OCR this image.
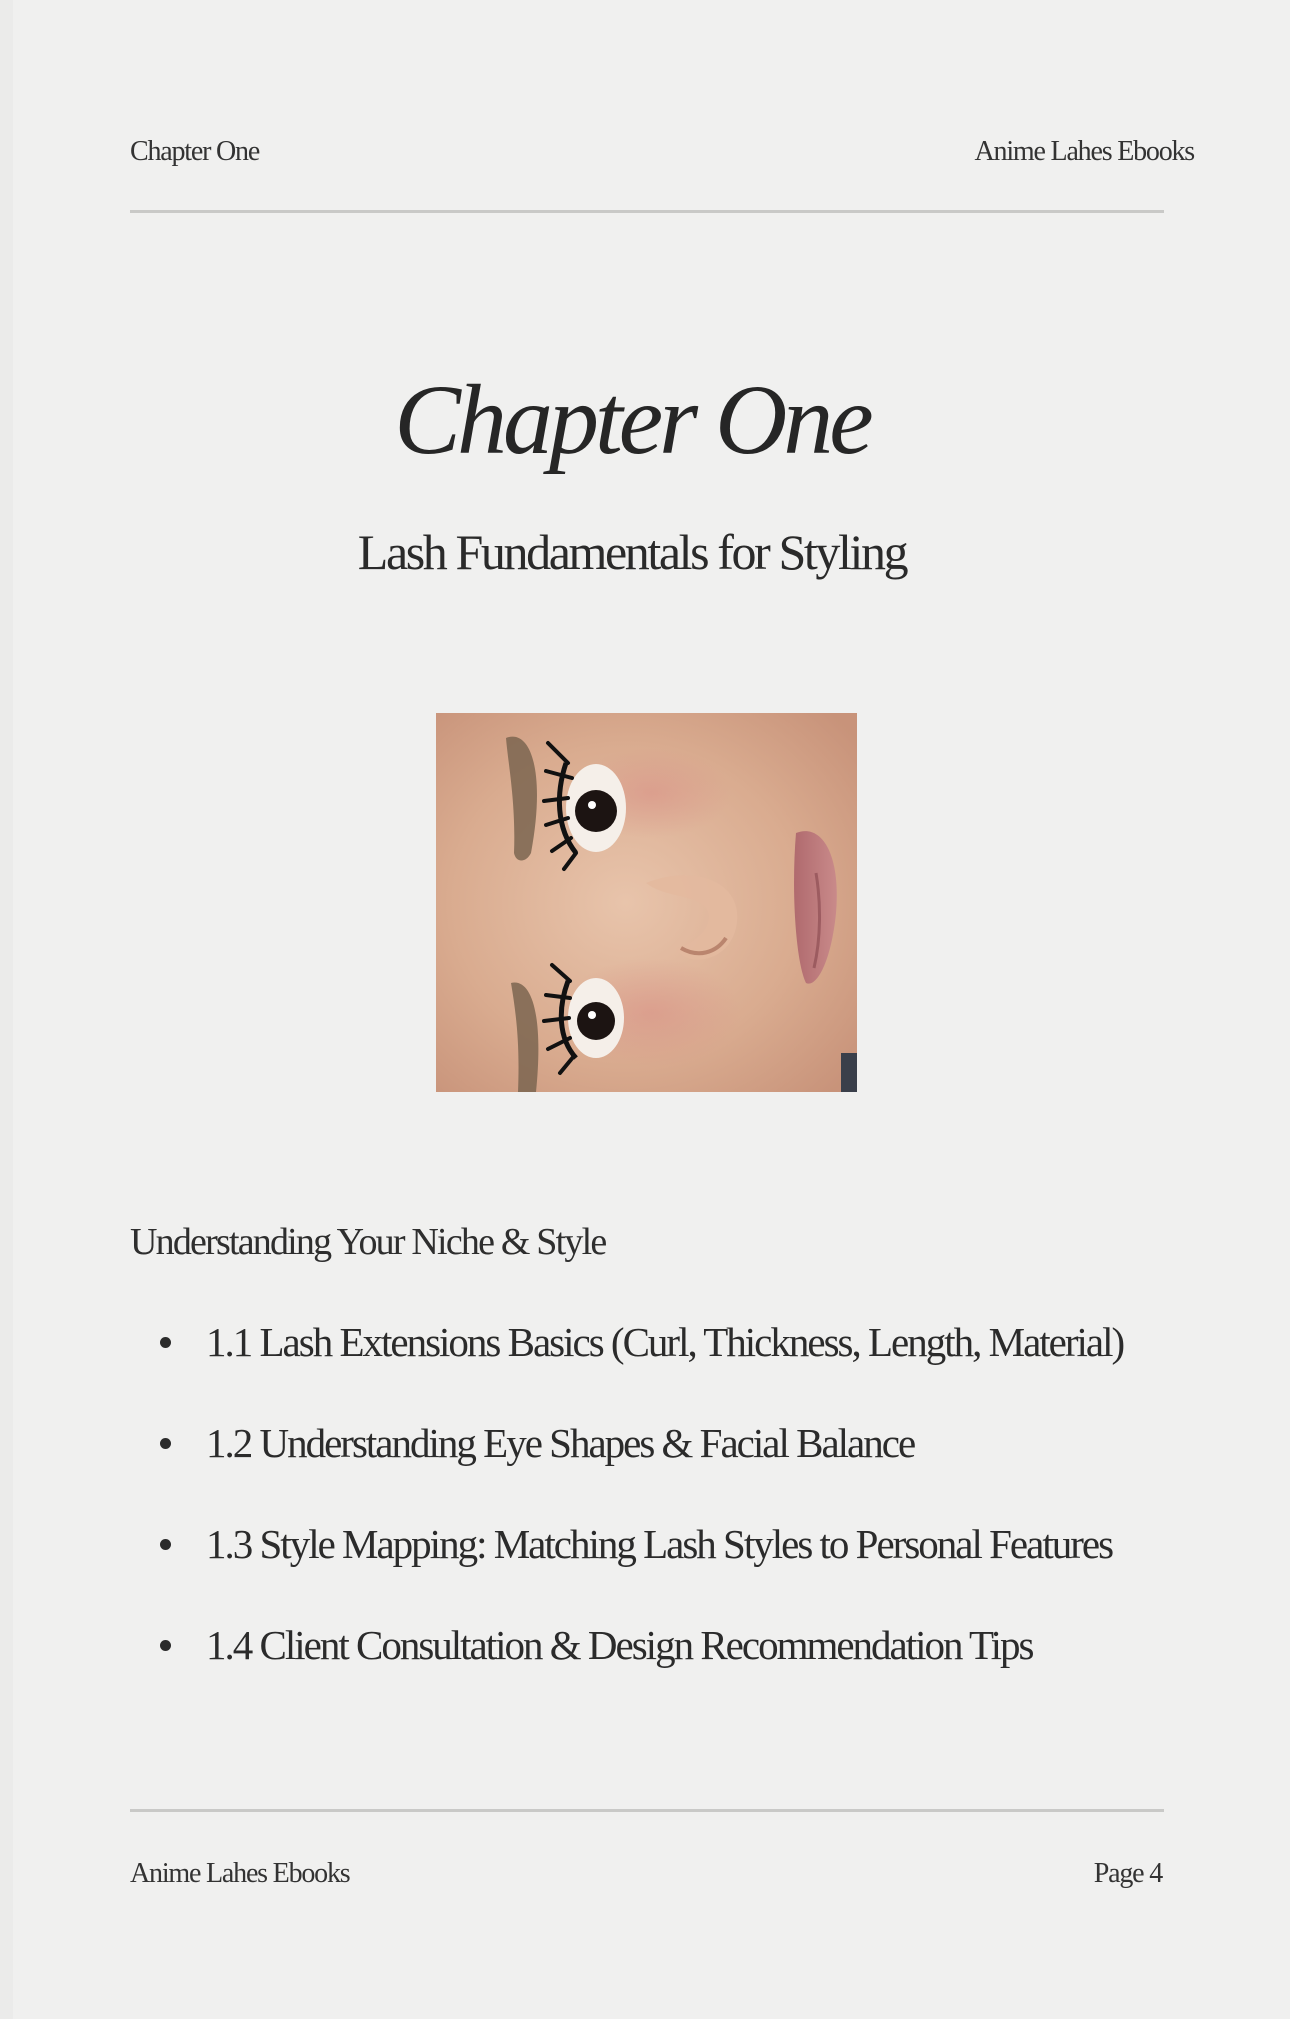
Chapter One	Anime Lahes Ebooks
Chapter One
Lash Fundamentals for Styling
Understanding Your Niche & Style
1.1 Lash Extensions Basics (Curl, Thickness, Length, Material)
1.2 Understanding Eye Shapes & Facial Balance
1.3 Style Mapping: Matching Lash Styles to Personal Features
1.4 Client Consultation & Design Recommendation Tips
Anime Lahes Ebooks	Page 4
